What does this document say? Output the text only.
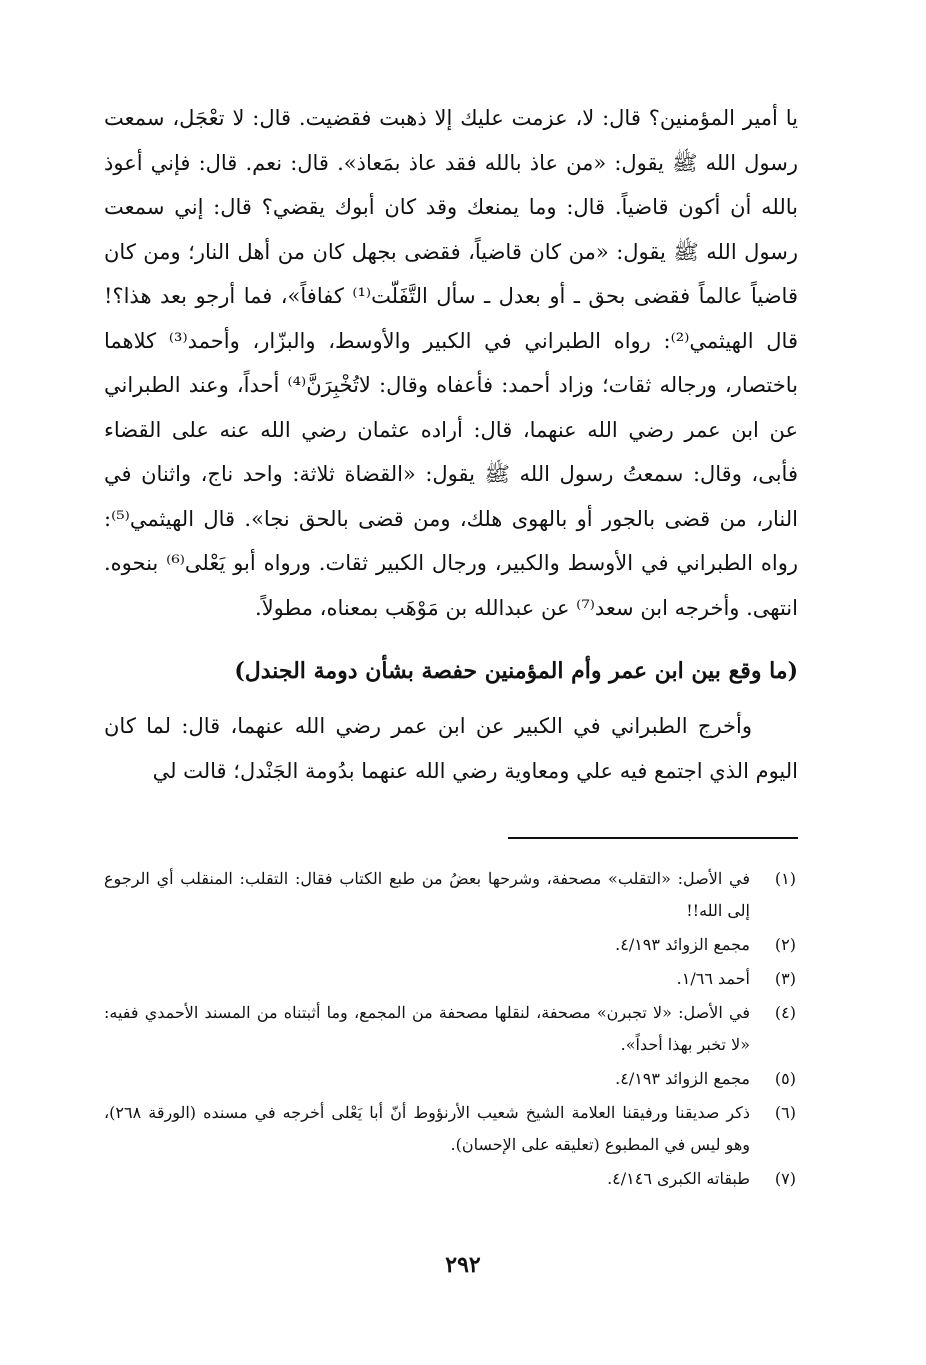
يا أمير المؤمنين؟ قال: لا، عزمت عليك إلا ذهبت فقضيت. قال: لا تعْجَل، سمعت رسول الله ﷺ يقول: «من عاذ بالله فقد عاذ بمَعاذ». قال: نعم. قال: فإني أعوذ بالله أن أكون قاضياً. قال: وما يمنعك وقد كان أبوك يقضي؟ قال: إني سمعت رسول الله ﷺ يقول: «من كان قاضياً، فقضى بجهل كان من أهل النار؛ ومن كان قاضياً عالماً فقضى بحق ـ أو بعدل ـ سأل التَّفَلّت⁽¹⁾ كفافاً»، فما أرجو بعد هذا؟! قال الهيثمي⁽²⁾: رواه الطبراني في الكبير والأوسط، والبزّار، وأحمد⁽³⁾ كلاهما باختصار، ورجاله ثقات؛ وزاد أحمد: فأعفاه وقال: لاتُخْبِرَنَّ⁽⁴⁾ أحداً، وعند الطبراني عن ابن عمر رضي الله عنهما، قال: أراده عثمان رضي الله عنه على القضاء فأبى، وقال: سمعتُ رسول الله ﷺ يقول: «القضاة ثلاثة: واحد ناج، واثنان في النار، من قضى بالجور أو بالهوى هلك، ومن قضى بالحق نجا». قال الهيثمي⁽⁵⁾: رواه الطبراني في الأوسط والكبير، ورجال الكبير ثقات. ورواه أبو يَعْلى⁽⁶⁾ بنحوه. انتهى. وأخرجه ابن سعد⁽⁷⁾ عن عبدالله بن مَوْهَب بمعناه، مطولاً.

(ما وقع بين ابن عمر وأم المؤمنين حفصة بشأن دومة الجندل)

وأخرج الطبراني في الكبير عن ابن عمر رضي الله عنهما، قال: لما كان اليوم الذي اجتمع فيه علي ومعاوية رضي الله عنهما بدُومة الجَنْدل؛ قالت لي

(١)
في الأصل: «التقلب» مصحفة، وشرحها بعضُ من طبع الكتاب فقال: التقلب: المنقلب أي الرجوع إلى الله!!
(٢)
مجمع الزوائد ٤/١٩٣.
(٣)
أحمد ١/٦٦.
(٤)
في الأصل: «لا تجبرن» مصحفة، لنقلها مصحفة من المجمع، وما أثبتناه من المسند الأحمدي ففيه: «لا تخبر بهذا أحداً».
(٥)
مجمع الزوائد ٤/١٩٣.
(٦)
ذكر صديقنا ورفيقنا العلامة الشيخ شعيب الأرنؤوط أنّ أبا يَعْلى أخرجه في مسنده (الورقة ٢٦٨)، وهو ليس في المطبوع (تعليقه على الإحسان).
(٧)
طبقاته الكبرى ٤/١٤٦.
٢٩٢
